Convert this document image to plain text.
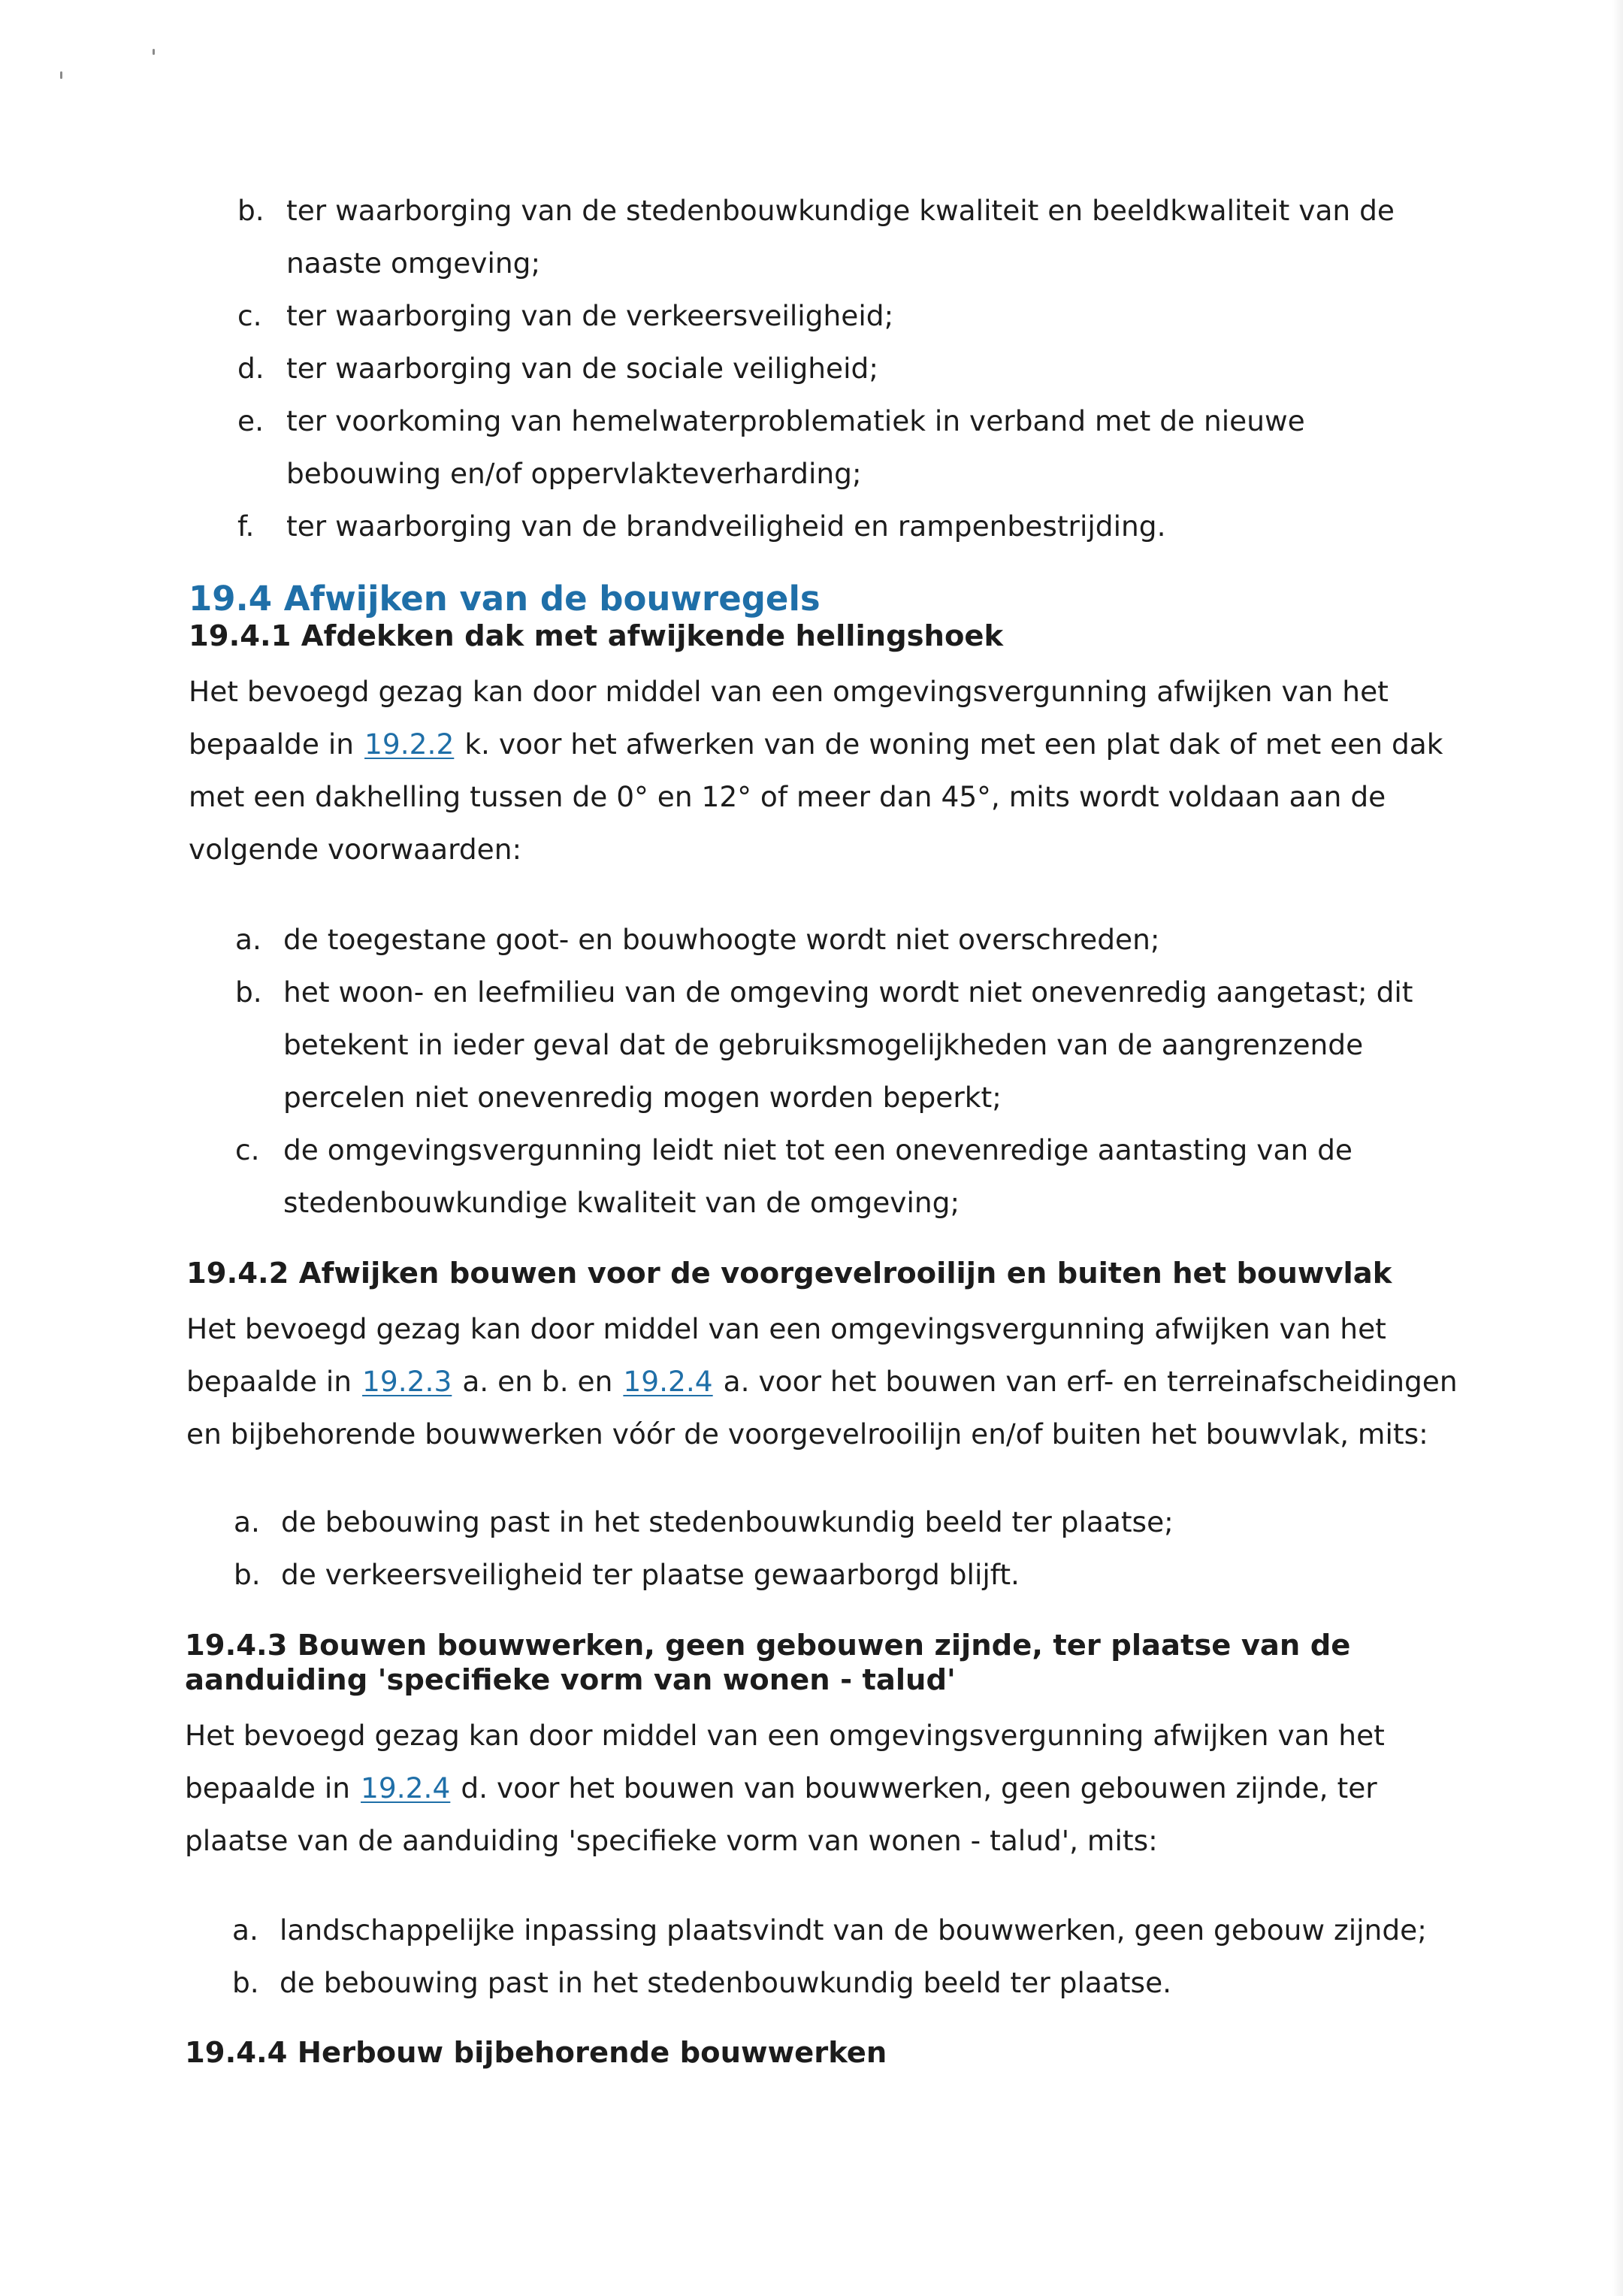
b. ter waarborging van de stedenbouwkundige kwaliteit en beeldkwaliteit van de
naaste omgeving;
c. ter waarborging van de verkeersveiligheid;
d. ter waarborging van de sociale veiligheid;
e. ter voorkoming van hemelwaterproblematiek in verband met de nieuwe
bebouwing en/of oppervlakteverharding;
f. ter waarborging van de brandveiligheid en rampenbestrijding.
19.4 Afwijken van de bouwregels
19.4.1 Afdekken dak met afwijkende hellingshoek
Het bevoegd gezag kan door middel van een omgevingsvergunning afwijken van het
bepaalde in 19.2.2 k. voor het afwerken van de woning met een plat dak of met een dak
met een dakhelling tussen de 0° en 12° of meer dan 45°, mits wordt voldaan aan de
volgende voorwaarden:
a. de toegestane goot- en bouwhoogte wordt niet overschreden;
b. het woon- en leefmilieu van de omgeving wordt niet onevenredig aangetast; dit
betekent in ieder geval dat de gebruiksmogelijkheden van de aangrenzende
percelen niet onevenredig mogen worden beperkt;
c. de omgevingsvergunning leidt niet tot een onevenredige aantasting van de
stedenbouwkundige kwaliteit van de omgeving;
19.4.2 Afwijken bouwen voor de voorgevelrooilijn en buiten het bouwvlak
Het bevoegd gezag kan door middel van een omgevingsvergunning afwijken van het
bepaalde in 19.2.3 a. en b. en 19.2.4 a. voor het bouwen van erf- en terreinafscheidingen
en bijbehorende bouwwerken vóór de voorgevelrooilijn en/of buiten het bouwvlak, mits:
a. de bebouwing past in het stedenbouwkundig beeld ter plaatse;
b. de verkeersveiligheid ter plaatse gewaarborgd blijft.
19.4.3 Bouwen bouwwerken, geen gebouwen zijnde, ter plaatse van de
aanduiding 'specifieke vorm van wonen - talud'
Het bevoegd gezag kan door middel van een omgevingsvergunning afwijken van het
bepaalde in 19.2.4 d. voor het bouwen van bouwwerken, geen gebouwen zijnde, ter
plaatse van de aanduiding 'specifieke vorm van wonen - talud', mits:
a. landschappelijke inpassing plaatsvindt van de bouwwerken, geen gebouw zijnde;
b. de bebouwing past in het stedenbouwkundig beeld ter plaatse.
19.4.4 Herbouw bijbehorende bouwwerken
